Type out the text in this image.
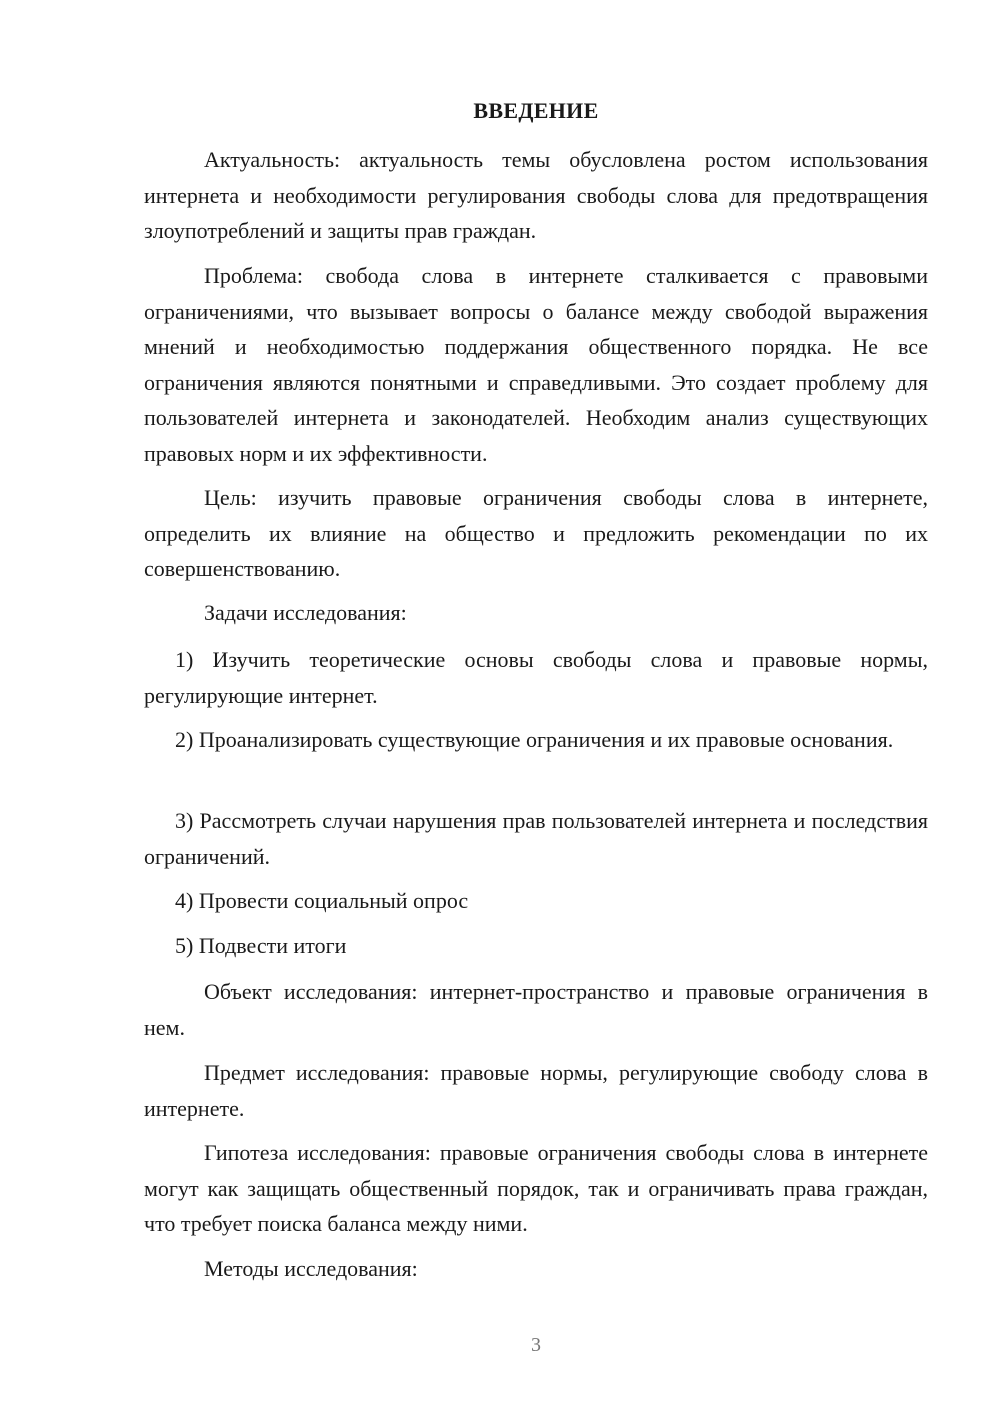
ВВЕДЕНИЕ

Актуальность: актуальность темы обусловлена ростом использования интернета и необходимости регулирования свободы слова для предотвращения злоупотреблений и защиты прав граждан.

Проблема: свобода слова в интернете сталкивается с правовыми ограничениями, что вызывает вопросы о балансе между свободой выражения мнений и необходимостью поддержания общественного порядка. Не все ограничения являются понятными и справедливыми. Это создает проблему для пользователей интернета и законодателей. Необходим анализ существующих правовых норм и их эффективности.

Цель: изучить правовые ограничения свободы слова в интернете, определить их влияние на общество и предложить рекомендации по их совершенствованию.

Задачи исследования:

1) Изучить теоретические основы свободы слова и правовые нормы, регулирующие интернет.

2) Проанализировать существующие ограничения и их правовые основания.

3) Рассмотреть случаи нарушения прав пользователей интернета и последствия ограничений.

4) Провести социальный опрос

5) Подвести итоги

Объект исследования: интернет-пространство и правовые ограничения в нем.

Предмет исследования: правовые нормы, регулирующие свободу слова в интернете.

Гипотеза исследования: правовые ограничения свободы слова в интернете могут как защищать общественный порядок, так и ограничивать права граждан, что требует поиска баланса между ними.

Методы исследования:

3
